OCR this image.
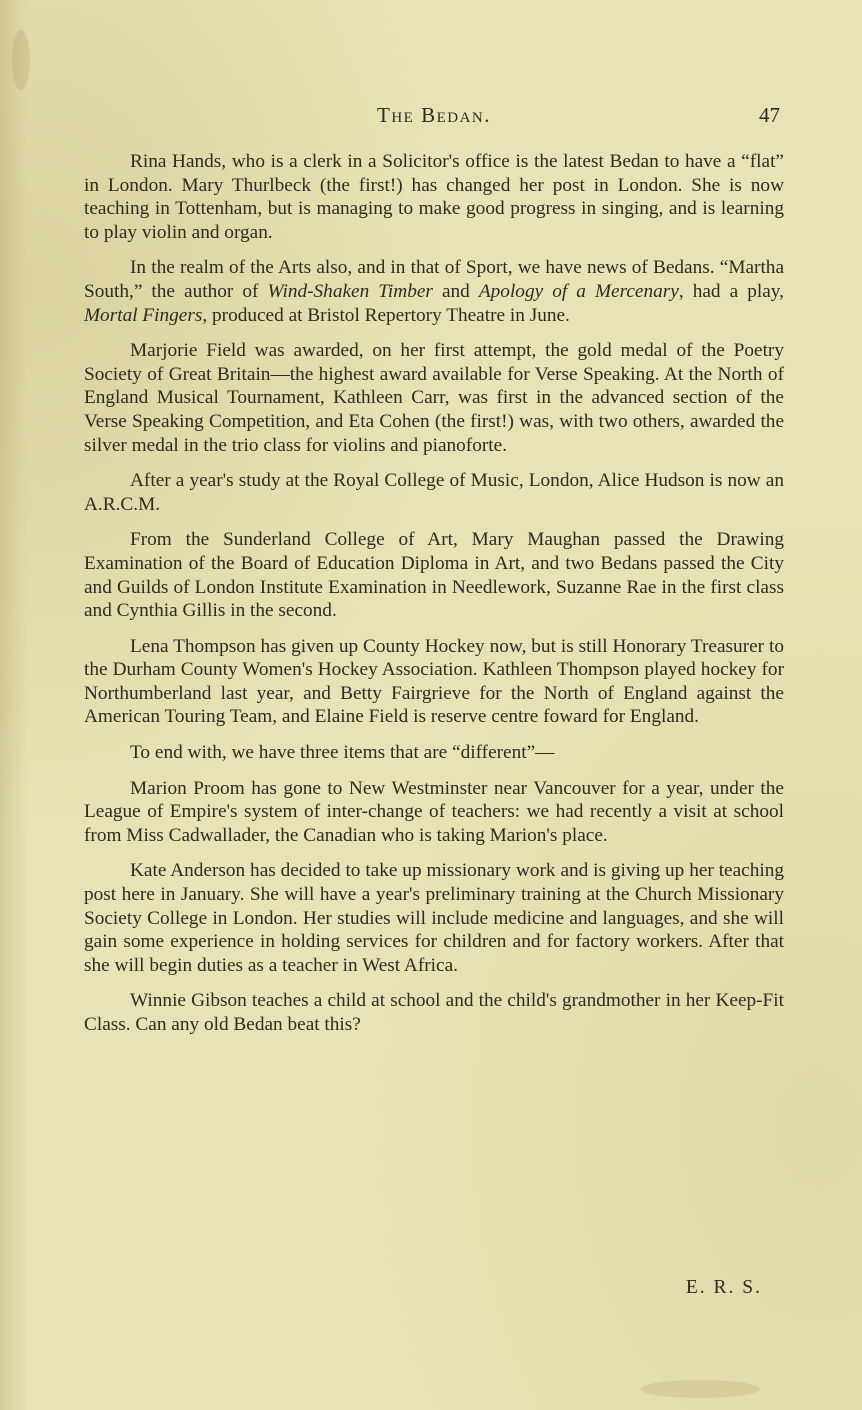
The Bedan.	47

Rina Hands, who is a clerk in a Solicitor's office is the latest Bedan to have a “flat” in London. Mary Thurlbeck (the first!) has changed her post in London. She is now teaching in Tottenham, but is managing to make good progress in singing, and is learning to play violin and organ.

In the realm of the Arts also, and in that of Sport, we have news of Bedans. “Martha South,” the author of Wind-Shaken Timber and Apology of a Mercenary, had a play, Mortal Fingers, produced at Bristol Repertory Theatre in June.

Marjorie Field was awarded, on her first attempt, the gold medal of the Poetry Society of Great Britain—the highest award available for Verse Speaking. At the North of England Musical Tournament, Kathleen Carr, was first in the advanced section of the Verse Speaking Competition, and Eta Cohen (the first!) was, with two others, awarded the silver medal in the trio class for violins and pianoforte.

After a year's study at the Royal College of Music, London, Alice Hudson is now an A.R.C.M.

From the Sunderland College of Art, Mary Maughan passed the Drawing Examination of the Board of Education Diploma in Art, and two Bedans passed the City and Guilds of London Institute Examination in Needlework, Suzanne Rae in the first class and Cynthia Gillis in the second.

Lena Thompson has given up County Hockey now, but is still Honorary Treasurer to the Durham County Women's Hockey Association. Kathleen Thompson played hockey for Northumberland last year, and Betty Fairgrieve for the North of England against the American Touring Team, and Elaine Field is reserve centre foward for England.

To end with, we have three items that are “different”—

Marion Proom has gone to New Westminster near Vancouver for a year, under the League of Empire's system of inter-change of teachers: we had recently a visit at school from Miss Cadwallader, the Canadian who is taking Marion's place.

Kate Anderson has decided to take up missionary work and is giving up her teaching post here in January. She will have a year's preliminary training at the Church Missionary Society College in London. Her studies will include medicine and languages, and she will gain some experience in holding services for children and for factory workers. After that she will begin duties as a teacher in West Africa.

Winnie Gibson teaches a child at school and the child's grandmother in her Keep-Fit Class. Can any old Bedan beat this?

E. R. S.
